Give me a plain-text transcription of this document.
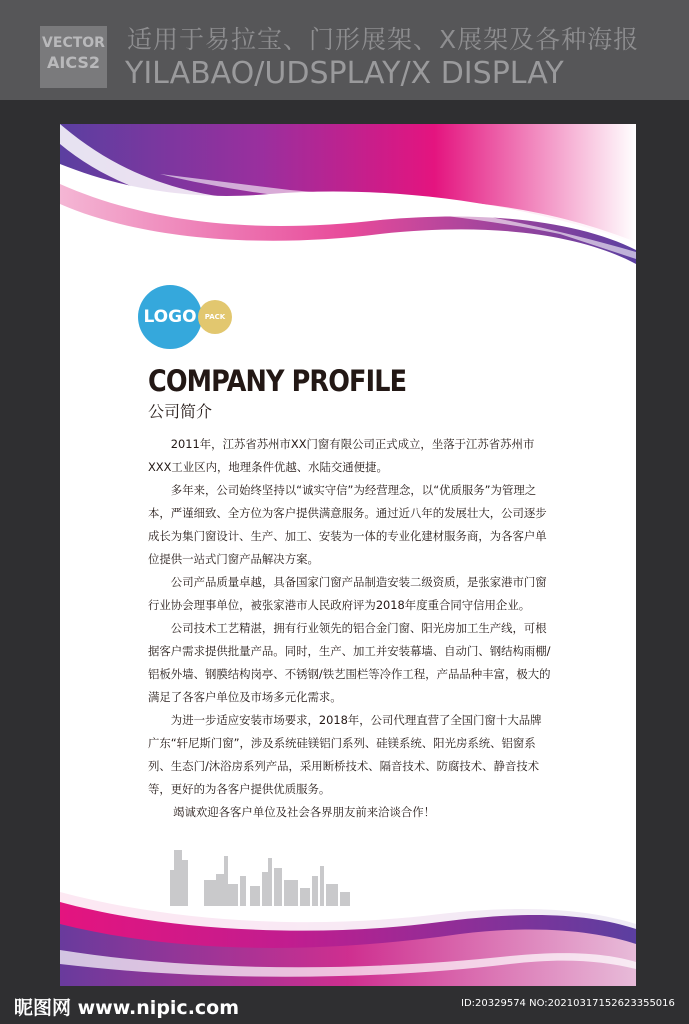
VECTOR
AICS2
适用于易拉宝、门形展架、X展架及各种海报
YILABAO/UDSPLAY/X DISPLAY
LOGO	PACK
COMPANY PROFILE
公司简介

2011年，江苏省苏州市XX门窗有限公司正式成立，坐落于江苏省苏州市XXX工业区内，地理条件优越、水陆交通便捷。

多年来，公司始终坚持以“诚实守信”为经营理念，以“优质服务”为管理之本，严谨细致、全方位为客户提供满意服务。通过近八年的发展壮大，公司逐步成长为集门窗设计、生产、加工、安装为一体的专业化建材服务商，为各客户单位提供一站式门窗产品解决方案。

公司产品质量卓越，具备国家门窗产品制造安装二级资质，是张家港市门窗行业协会理事单位，被张家港市人民政府评为2018年度重合同守信用企业。

公司技术工艺精湛，拥有行业领先的铝合金门窗、阳光房加工生产线，可根据客户需求提供批量产品。同时，生产、加工并安装幕墙、自动门、钢结构雨棚/铝板外墙、钢膜结构岗亭、不锈钢/铁艺围栏等冷作工程，产品品种丰富，极大的满足了各客户单位及市场多元化需求。

为进一步适应安装市场要求，2018年，公司代理直营了全国门窗十大品牌广东“轩尼斯门窗”，涉及系统硅镁铝门系列、硅镁系统、阳光房系统、铝窗系列、生态门/沐浴房系列产品，采用断桥技术、隔音技术、防腐技术、静音技术等，更好的为各客户提供优质服务。

竭诚欢迎各客户单位及社会各界朋友前来洽谈合作！

昵图网 www.nipic.com	ID:20329574 NO:20210317152623355016
